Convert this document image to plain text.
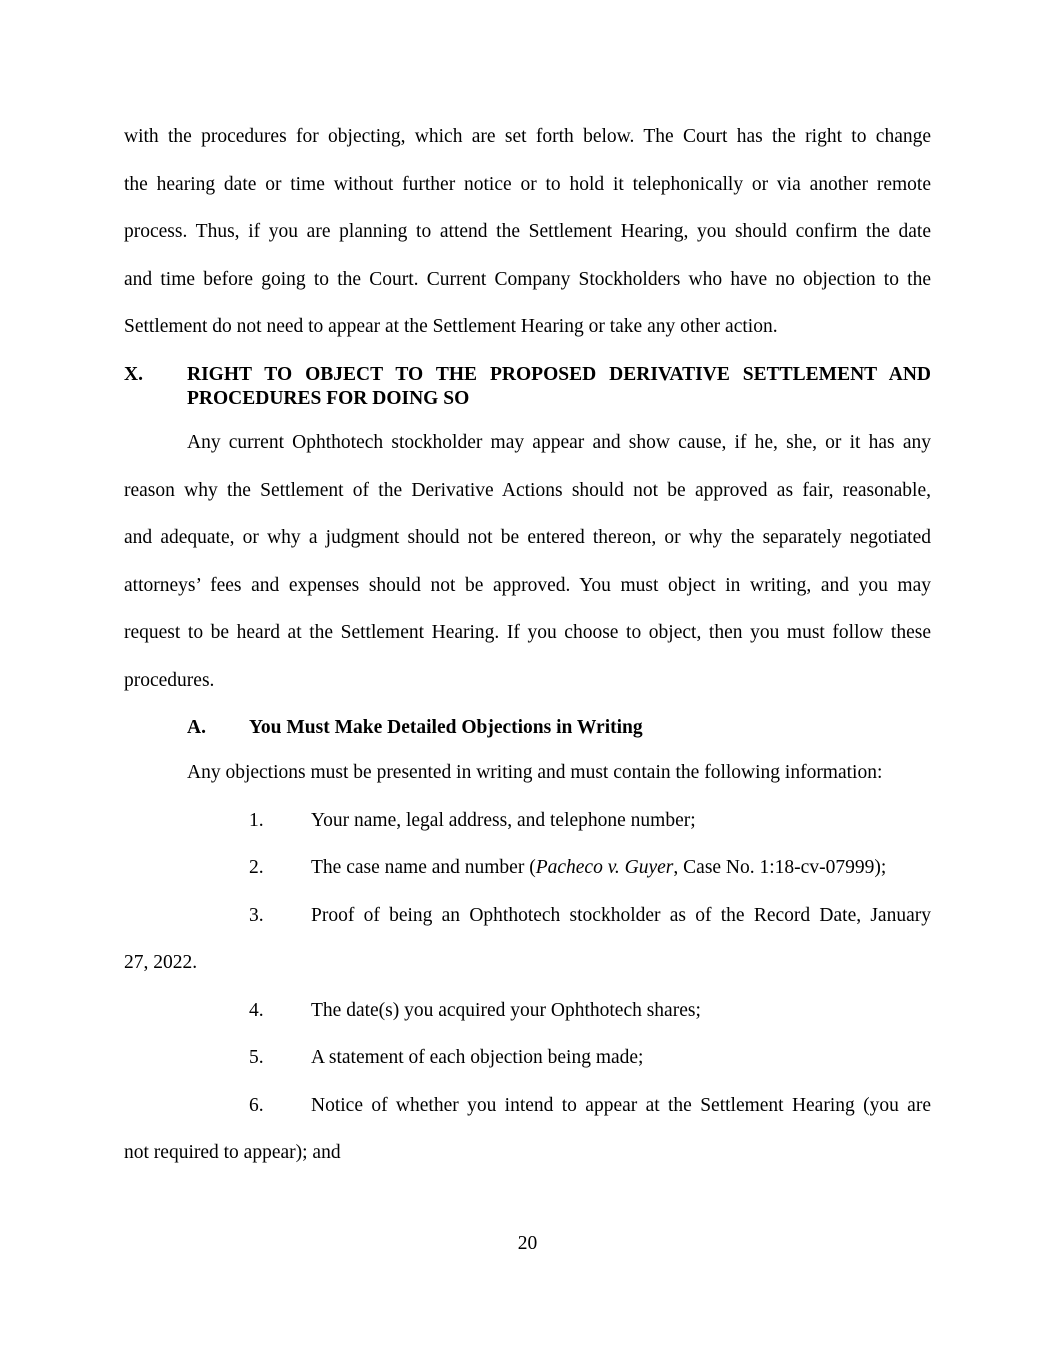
with the procedures for objecting, which are set forth below. The Court has the right to change

the hearing date or time without further notice or to hold it telephonically or via another remote

process. Thus, if you are planning to attend the Settlement Hearing, you should confirm the date

and time before going to the Court. Current Company Stockholders who have no objection to the

Settlement do not need to appear at the Settlement Hearing or take any other action.

X. RIGHT TO OBJECT TO THE PROPOSED DERIVATIVE SETTLEMENT AND

PROCEDURES FOR DOING SO

Any current Ophthotech stockholder may appear and show cause, if he, she, or it has any

reason why the Settlement of the Derivative Actions should not be approved as fair, reasonable,

and adequate, or why a judgment should not be entered thereon, or why the separately negotiated

attorneys’ fees and expenses should not be approved. You must object in writing, and you may

request to be heard at the Settlement Hearing. If you choose to object, then you must follow these

procedures.

A. You Must Make Detailed Objections in Writing

Any objections must be presented in writing and must contain the following information:

1. Your name, legal address, and telephone number;
2. The case name and number (Pacheco v. Guyer, Case No. 1:18-cv-07999);
3. Proof of being an Ophthotech stockholder as of the Record Date, January

27, 2022.

4. The date(s) you acquired your Ophthotech shares;
5. A statement of each objection being made;
6. Notice of whether you intend to appear at the Settlement Hearing (you are

not required to appear); and

20
